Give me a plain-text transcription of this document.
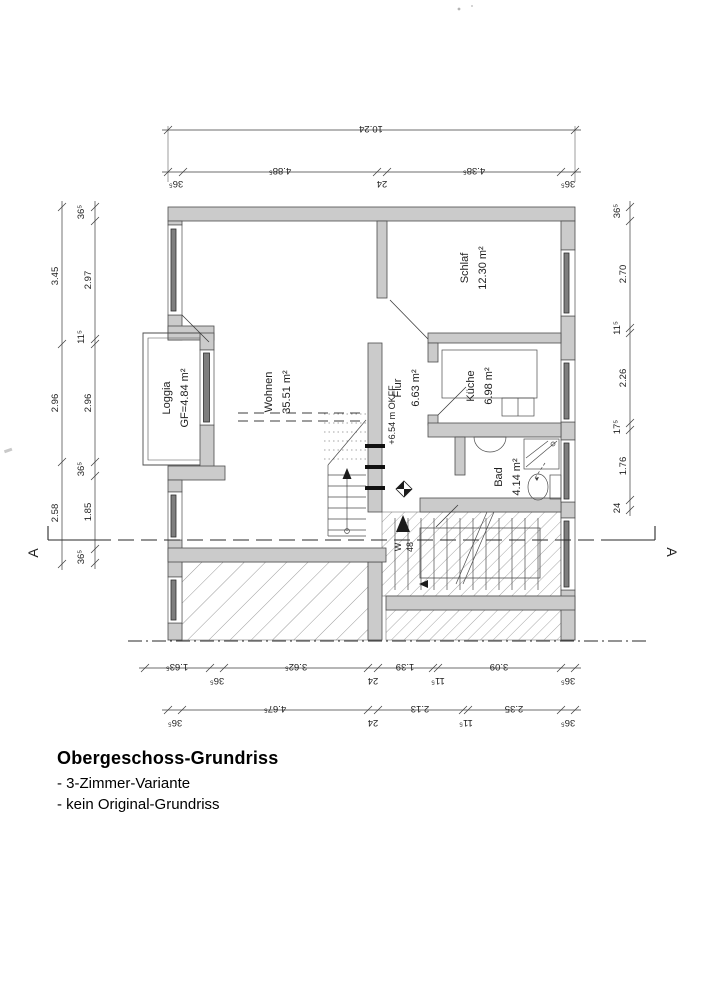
A	A
Wohnen 35.51 m²
Schlaf 12.30 m²
Küche 6.98 m²
Flur 6.63 m²
Bad 4.14 m²
Loggia GF=4.84 m²	+6.54 m OKFF
W 48
10.24
36⁵
4.88⁵
24
4.38⁵
36⁵
3.45
2.96
2.58
36⁵
2.97
11⁵
2.96
36⁵
1.85
36⁵
36⁵
2.70
11⁵
2.26
17⁵
1.76
24
1.63⁵
36⁵
3.62⁵
24
1.39
11⁵
3.09
36⁵
36⁵
4.67⁵
24
2.13
11⁵
2.35
36⁵
Obergeschoss-Grundriss
- 3-Zimmer-Variante
- kein Original-Grundriss
